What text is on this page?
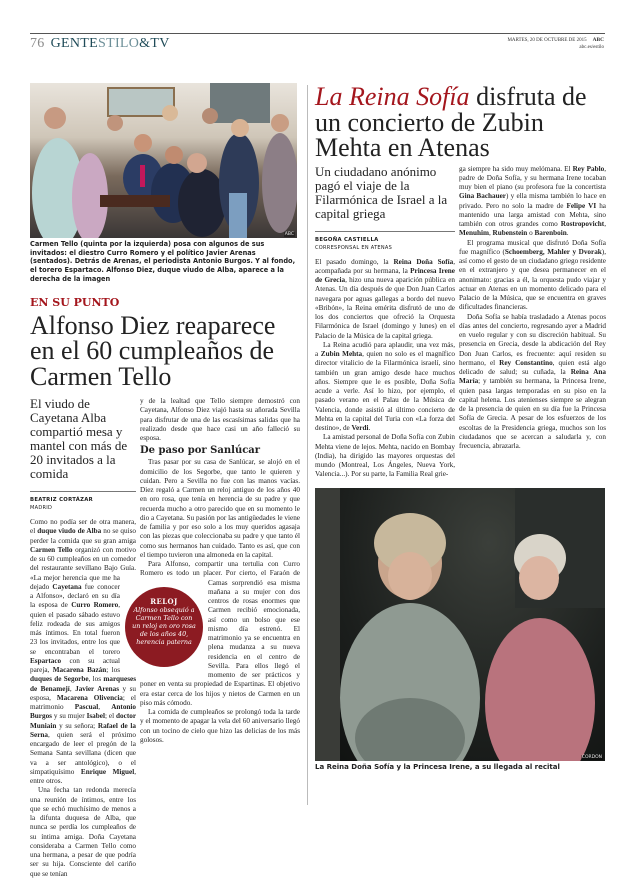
76 GENTESTILO&TV	MARTES, 20 DE OCTUBRE DE 2015 ABC
abc.es/estilo
ABC
Carmen Tello (quinta por la izquierda) posa con algunos de sus invitados: el diestro Curro Romero y el político Javier Arenas (sentados). Detrás de Arenas, el periodista Antonio Burgos. Y al fondo, el torero Espartaco. Alfonso Diez, duque viudo de Alba, aparece a la derecha de la imagen
EN SU PUNTO
Alfonso Diez reaparece en el 60 cumpleaños de Carmen Tello
El viudo de Cayetana Alba compartió mesa y mantel con más de 20 invitados a la comida
BEATRIZ CORTÁZAR
MADRID

Como no podía ser de otra manera, el duque viudo de Alba no se quiso perder la comida que su gran amiga Carmen Tello organizó con motivo de su 60 cumpleaños en un comedor del restaurante sevillano Bajo Guía. «La mejor herencia que me ha dejado Cayetana fue conocer a Alfonso», declaró en su día la esposa de Curro Romero, quien el pasado sábado estuvo feliz rodeada de sus amigos más íntimos. En total fueron 23 los invitados, entre los que se encontraban el torero Espartaco con su actual pareja, Macarena Bazán; los duques de Segorbe, los marqueses de Benamejí, Javier Arenas y su esposa, Macarena Olivencia; el matrimonio Pascual, Antonio Burgos y su mujer Isabel; el doctor Muniain y su señora; Rafael de la Serna, quien será el próximo encargado de leer el pregón de la Semana Santa sevillana (dicen que va a ser antológico), o el simpatiquísimo Enrique Miguel, entre otros.

Una fecha tan redonda merecía una reunión de íntimos, entre los que se echó muchísimo de menos a la difunta duquesa de Alba, que nunca se perdía los cumpleaños de su íntima amiga. Doña Cayetana consideraba a Carmen Tello como una hermana, a pesar de que podría ser su hija. Consciente del cariño que se tenían

y de la lealtad que Tello siempre demostró con Cayetana, Alfonso Diez viajó hasta su añorada Sevilla para disfrutar de una de las escasísimas salidas que ha realizado desde que hace casi un año falleció su esposa.

De paso por Sanlúcar

Tras pasar por su casa de Sanlúcar, se alojó en el domicilio de los Segorbe, que tanto le quieren y cuidan. Pero a Sevilla no fue con las manos vacías. Diez regaló a Carmen un reloj antiguo de los años 40 en oro rosa, que tenía en herencia de su padre y que recuerda mucho a otro parecido que en su momento le dio a Cayetana. Su pasión por las antigüedades le viene de familia y por eso solo a los muy queridos agasaja con las piezas que coleccionaba su padre y que tanto él como sus hermanos han cuidado. Tanto es así, que con el tiempo tuvieron una almoneda en la capital.

Para Alfonso, compartir una tertulia con Curro Romero es todo un placer. Por cierto, el Faraón de Camas sorprendió esa misma mañana a su mujer con dos centros de rosas enormes que Carmen recibió emocionada, así como un bolso que ese mismo día estrenó. El matrimonio ya se encuentra en plena mudanza a su nueva residencia en el centro de Sevilla. Para ellos llegó el momento de ser prácticos y poner en venta su propiedad de Espartinas. El objetivo era estar cerca de los hijos y nietos de Carmen en un piso más cómodo.

La comida de cumpleaños se prolongó toda la tarde y el momento de apagar la vela del 60 aniversario llegó con un tocino de cielo que hizo las delicias de los más golosos.

RELOJ
Alfonso obsequió a Carmen Tello con un reloj en oro rosa de los años 40, herencia paterna
La Reina Sofía disfruta de un concierto de Zubin Mehta en Atenas
Un ciudadano anónimo pagó el viaje de la Filarmónica de Israel a la capital griega
BEGOÑA CASTIELLA
CORRESPONSAL EN ATENAS

El pasado domingo, la Reina Doña Sofía, acompañada por su hermana, la Princesa Irene de Grecia, hizo una nueva aparición pública en Atenas. Un día después de que Don Juan Carlos navegara por aguas gallegas a bordo del nuevo «Bribón», la Reina emérita disfrutó de uno de los dos conciertos que ofreció la Orquesta Filarmónica de Israel (domingo y lunes) en el Palacio de la Música de la capital griega.

La Reina acudió para aplaudir, una vez más, a Zubin Mehta, quien no solo es el magnífico director vitalicio de la Filarmónica israelí, sino también un gran amigo desde hace muchos años. Siempre que le es posible, Doña Sofía acude a verle. Así lo hizo, por ejemplo, el pasado verano en el Palau de la Música de Valencia, donde asistió al último concierto de Mehta en la capital del Turia con «La forza del destino», de Verdi.

La amistad personal de Doña Sofía con Zubin Mehta viene de lejos. Mehta, nacido en Bombay (India), ha dirigido las mayores orquestas del mundo (Montreal, Los Ángeles, Nueva York, Valencia...). Por su parte, la Familia Real grie-

ga siempre ha sido muy melómana. El Rey Pablo, padre de Doña Sofía, y su hermana Irene tocaban muy bien el piano (su profesora fue la concertista Gina Bachauer) y ella misma también lo hace en privado. Pero no solo la madre de Felipe VI ha mantenido una larga amistad con Mehta, sino también con otros grandes como Rostropovicht, Menuhim, Rubenstein o Barenboin.

El programa musical que disfrutó Doña Sofía fue magnífico (Schoemberg, Mahler y Dvorak), así como el gesto de un ciudadano griego residente en el extranjero y que desea permanecer en el anonimato: gracias a él, la orquesta pudo viajar y actuar en Atenas en un momento delicado para el Palacio de la Música, que se encuentra en graves dificultades financieras.

Doña Sofía se había trasladado a Atenas pocos días antes del concierto, regresando ayer a Madrid en vuelo regular y con su discreción habitual. Su presencia en Grecia, desde la abdicación del Rey Don Juan Carlos, es frecuente: aquí residen su hermano, el Rey Constantino, quien está algo delicado de salud; su cuñada, la Reina Ana María; y también su hermana, la Princesa Irene, quien pasa largas temporadas en su piso en la capital helena. Los atenienses siempre se alegran de la presencia de quien en su día fue la Princesa Sofía de Grecia. A pesar de los esfuerzos de los escoltas de la Presidencia griega, muchos son los ciudadanos que se acercan a saludarla y, con frecuencia, abrazarla.

CORDON
La Reina Doña Sofía y la Princesa Irene, a su llegada al recital
